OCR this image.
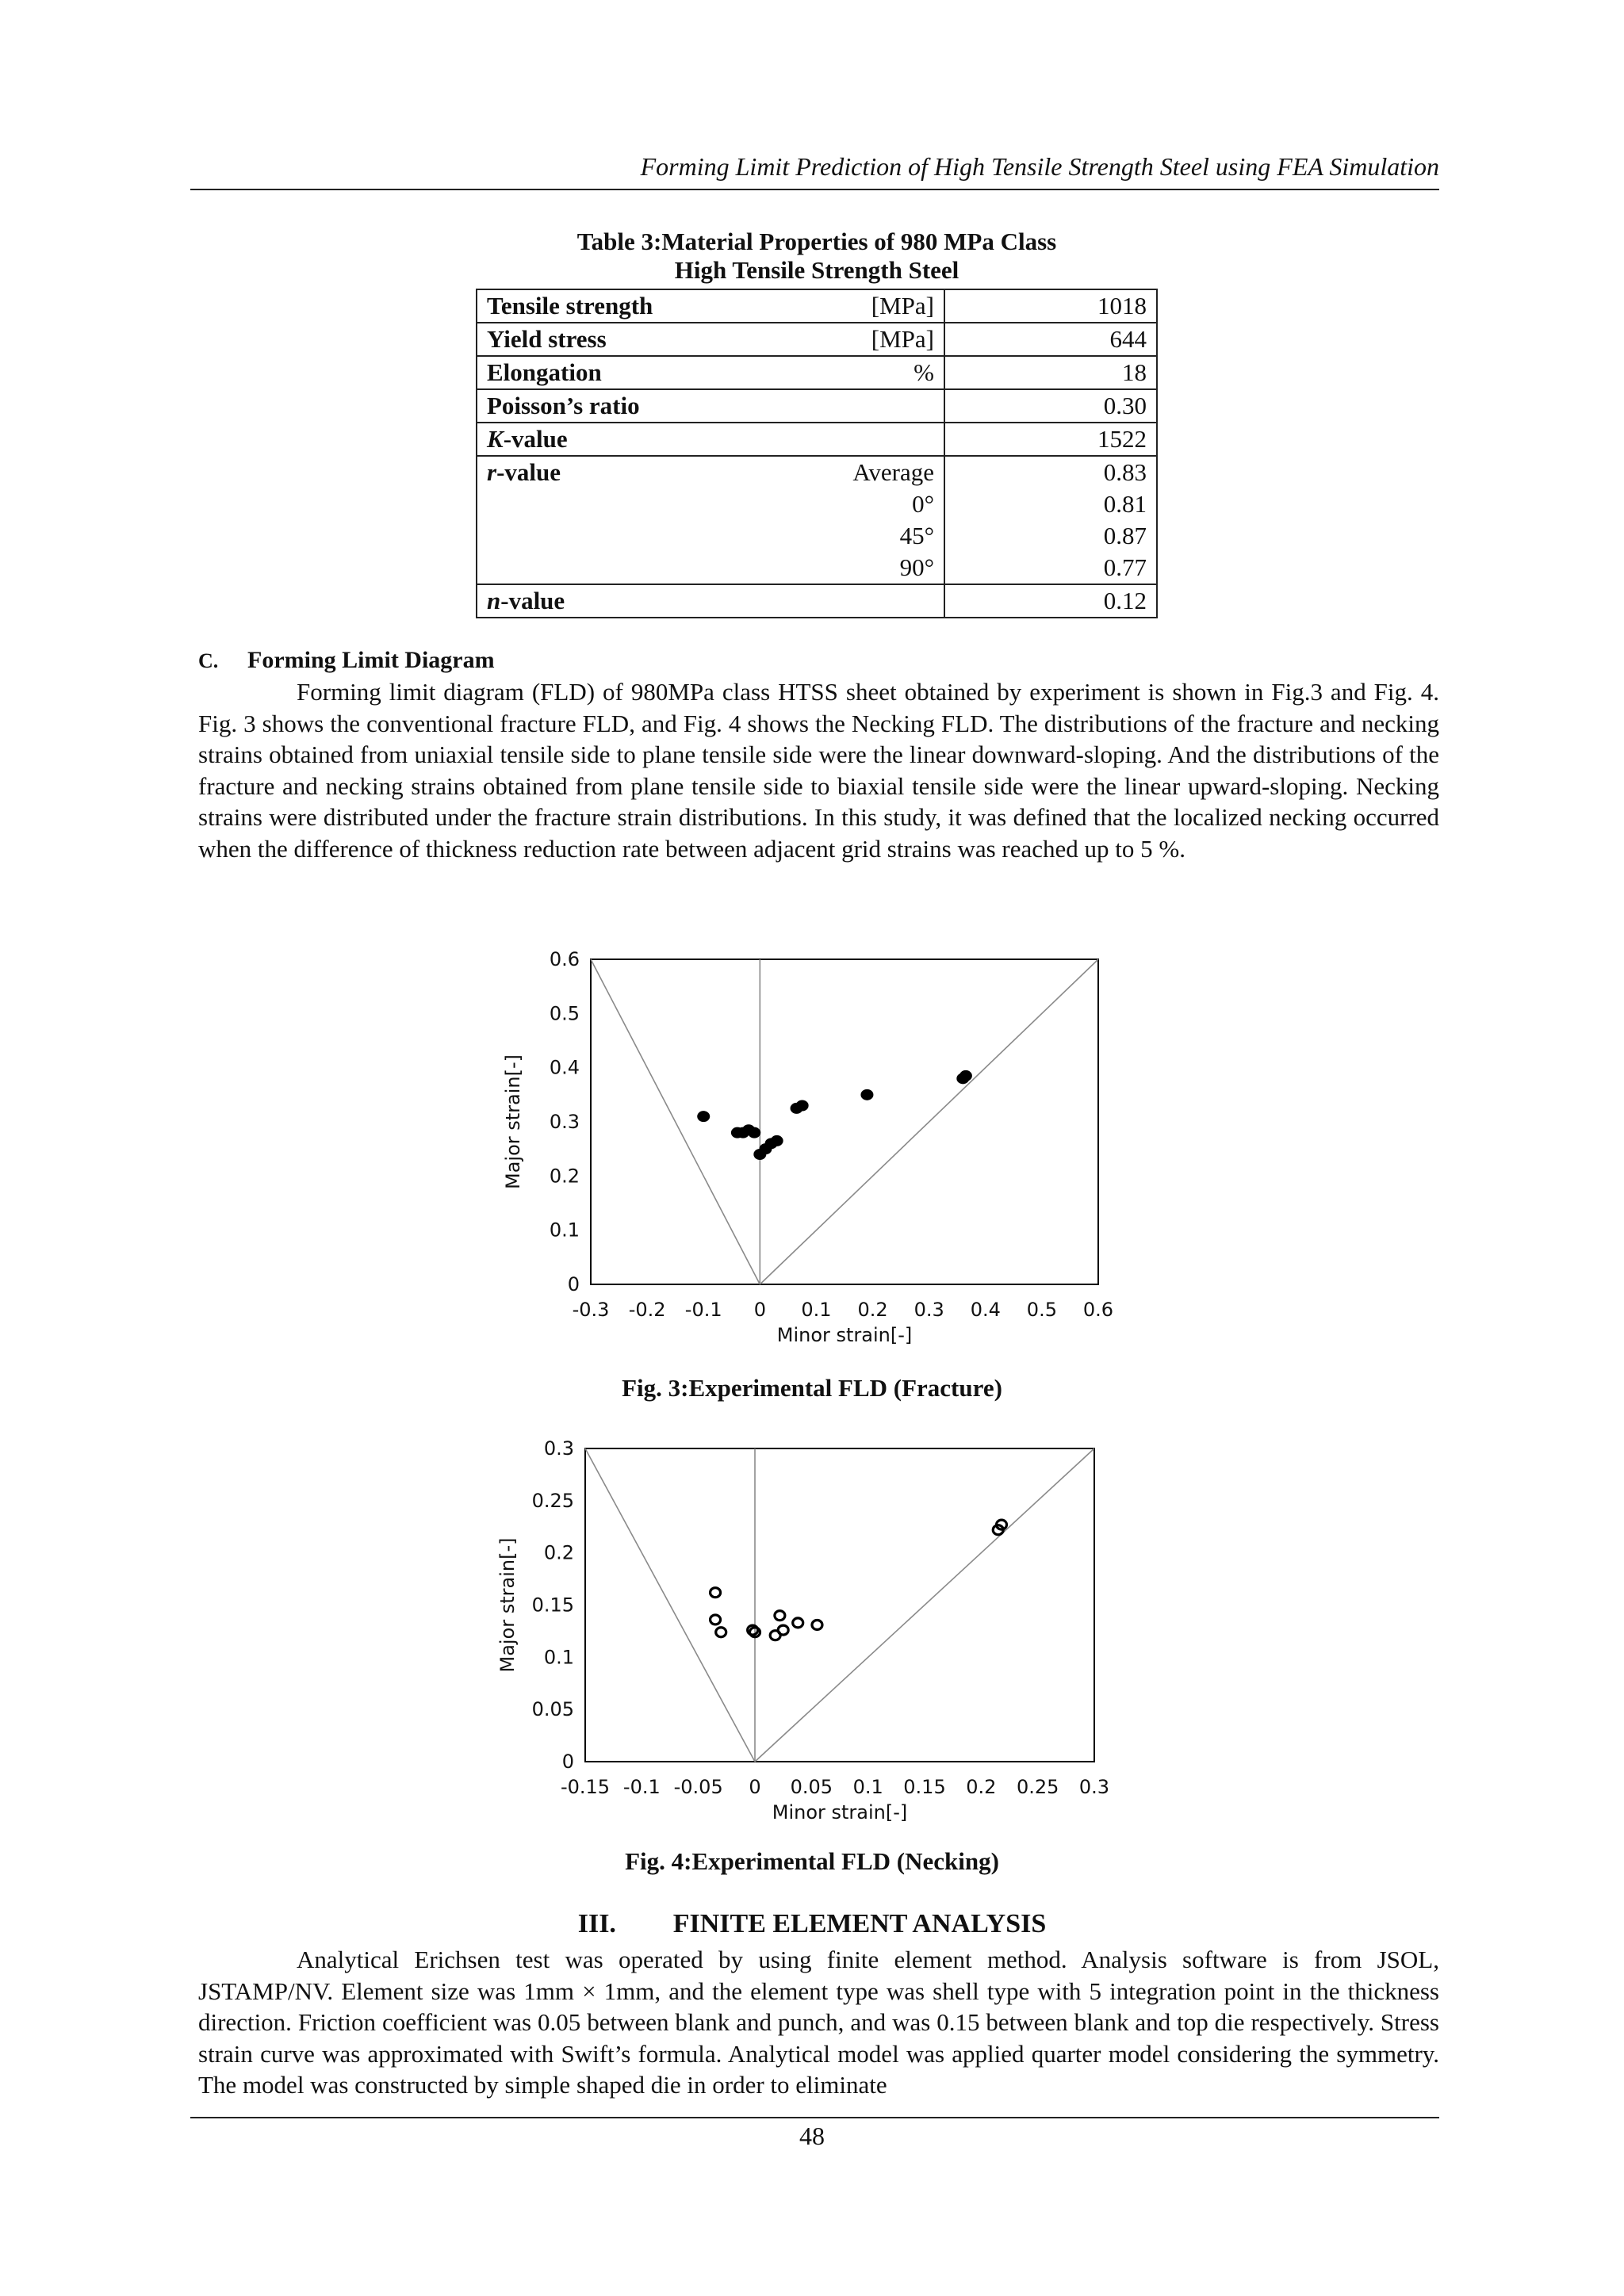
Forming Limit Prediction of High Tensile Strength Steel using FEA Simulation
Table 3:Material Properties of 980 MPa Class
High Tensile Strength Steel
Tensile strength	[MPa]	1018
Yield stress	[MPa]	644
Elongation	%	18
Poisson’s ratio		0.30
K-value		1522
r-value	Average	0.83
	0°	0.81
	45°	0.87
	90°	0.77
n-value		0.12
C. Forming Limit Diagram

Forming limit diagram (FLD) of 980MPa class HTSS sheet obtained by experiment is shown in Fig.3 and Fig. 4. Fig. 3 shows the conventional fracture FLD, and Fig. 4 shows the Necking FLD. The distributions of the fracture and necking strains obtained from uniaxial tensile side to plane tensile side were the linear downward-sloping. And the distributions of the fracture and necking strains obtained from plane tensile side to biaxial tensile side were the linear upward-sloping. Necking strains were distributed under the fracture strain distributions. In this study, it was defined that the localized necking occurred when the difference of thickness reduction rate between adjacent grid strains was reached up to 5 %.

-0.3 -0.2 -0.1 0 0.1 0.2 0.3 0.4 0.5 0.6
0
0.1
0.2
0.3
0.4
0.5
0.6
Minor strain[-]
Major strain[-]
Fig. 3:Experimental FLD (Fracture)
-0.15 -0.1 -0.05 0 0.05 0.1 0.15 0.2 0.25 0.3
0
0.05
0.1
0.15
0.2
0.25
0.3
Minor strain[-]
Major strain[-]
Fig. 4:Experimental FLD (Necking)
III. FINITE ELEMENT ANALYSIS

Analytical Erichsen test was operated by using finite element method. Analysis software is from JSOL, JSTAMP/NV. Element size was 1mm × 1mm, and the element type was shell type with 5 integration point in the thickness direction. Friction coefficient was 0.05 between blank and punch, and was 0.15 between blank and top die respectively. Stress strain curve was approximated with Swift’s formula. Analytical model was applied quarter model considering the symmetry. The model was constructed by simple shaped die in order to eliminate

48
